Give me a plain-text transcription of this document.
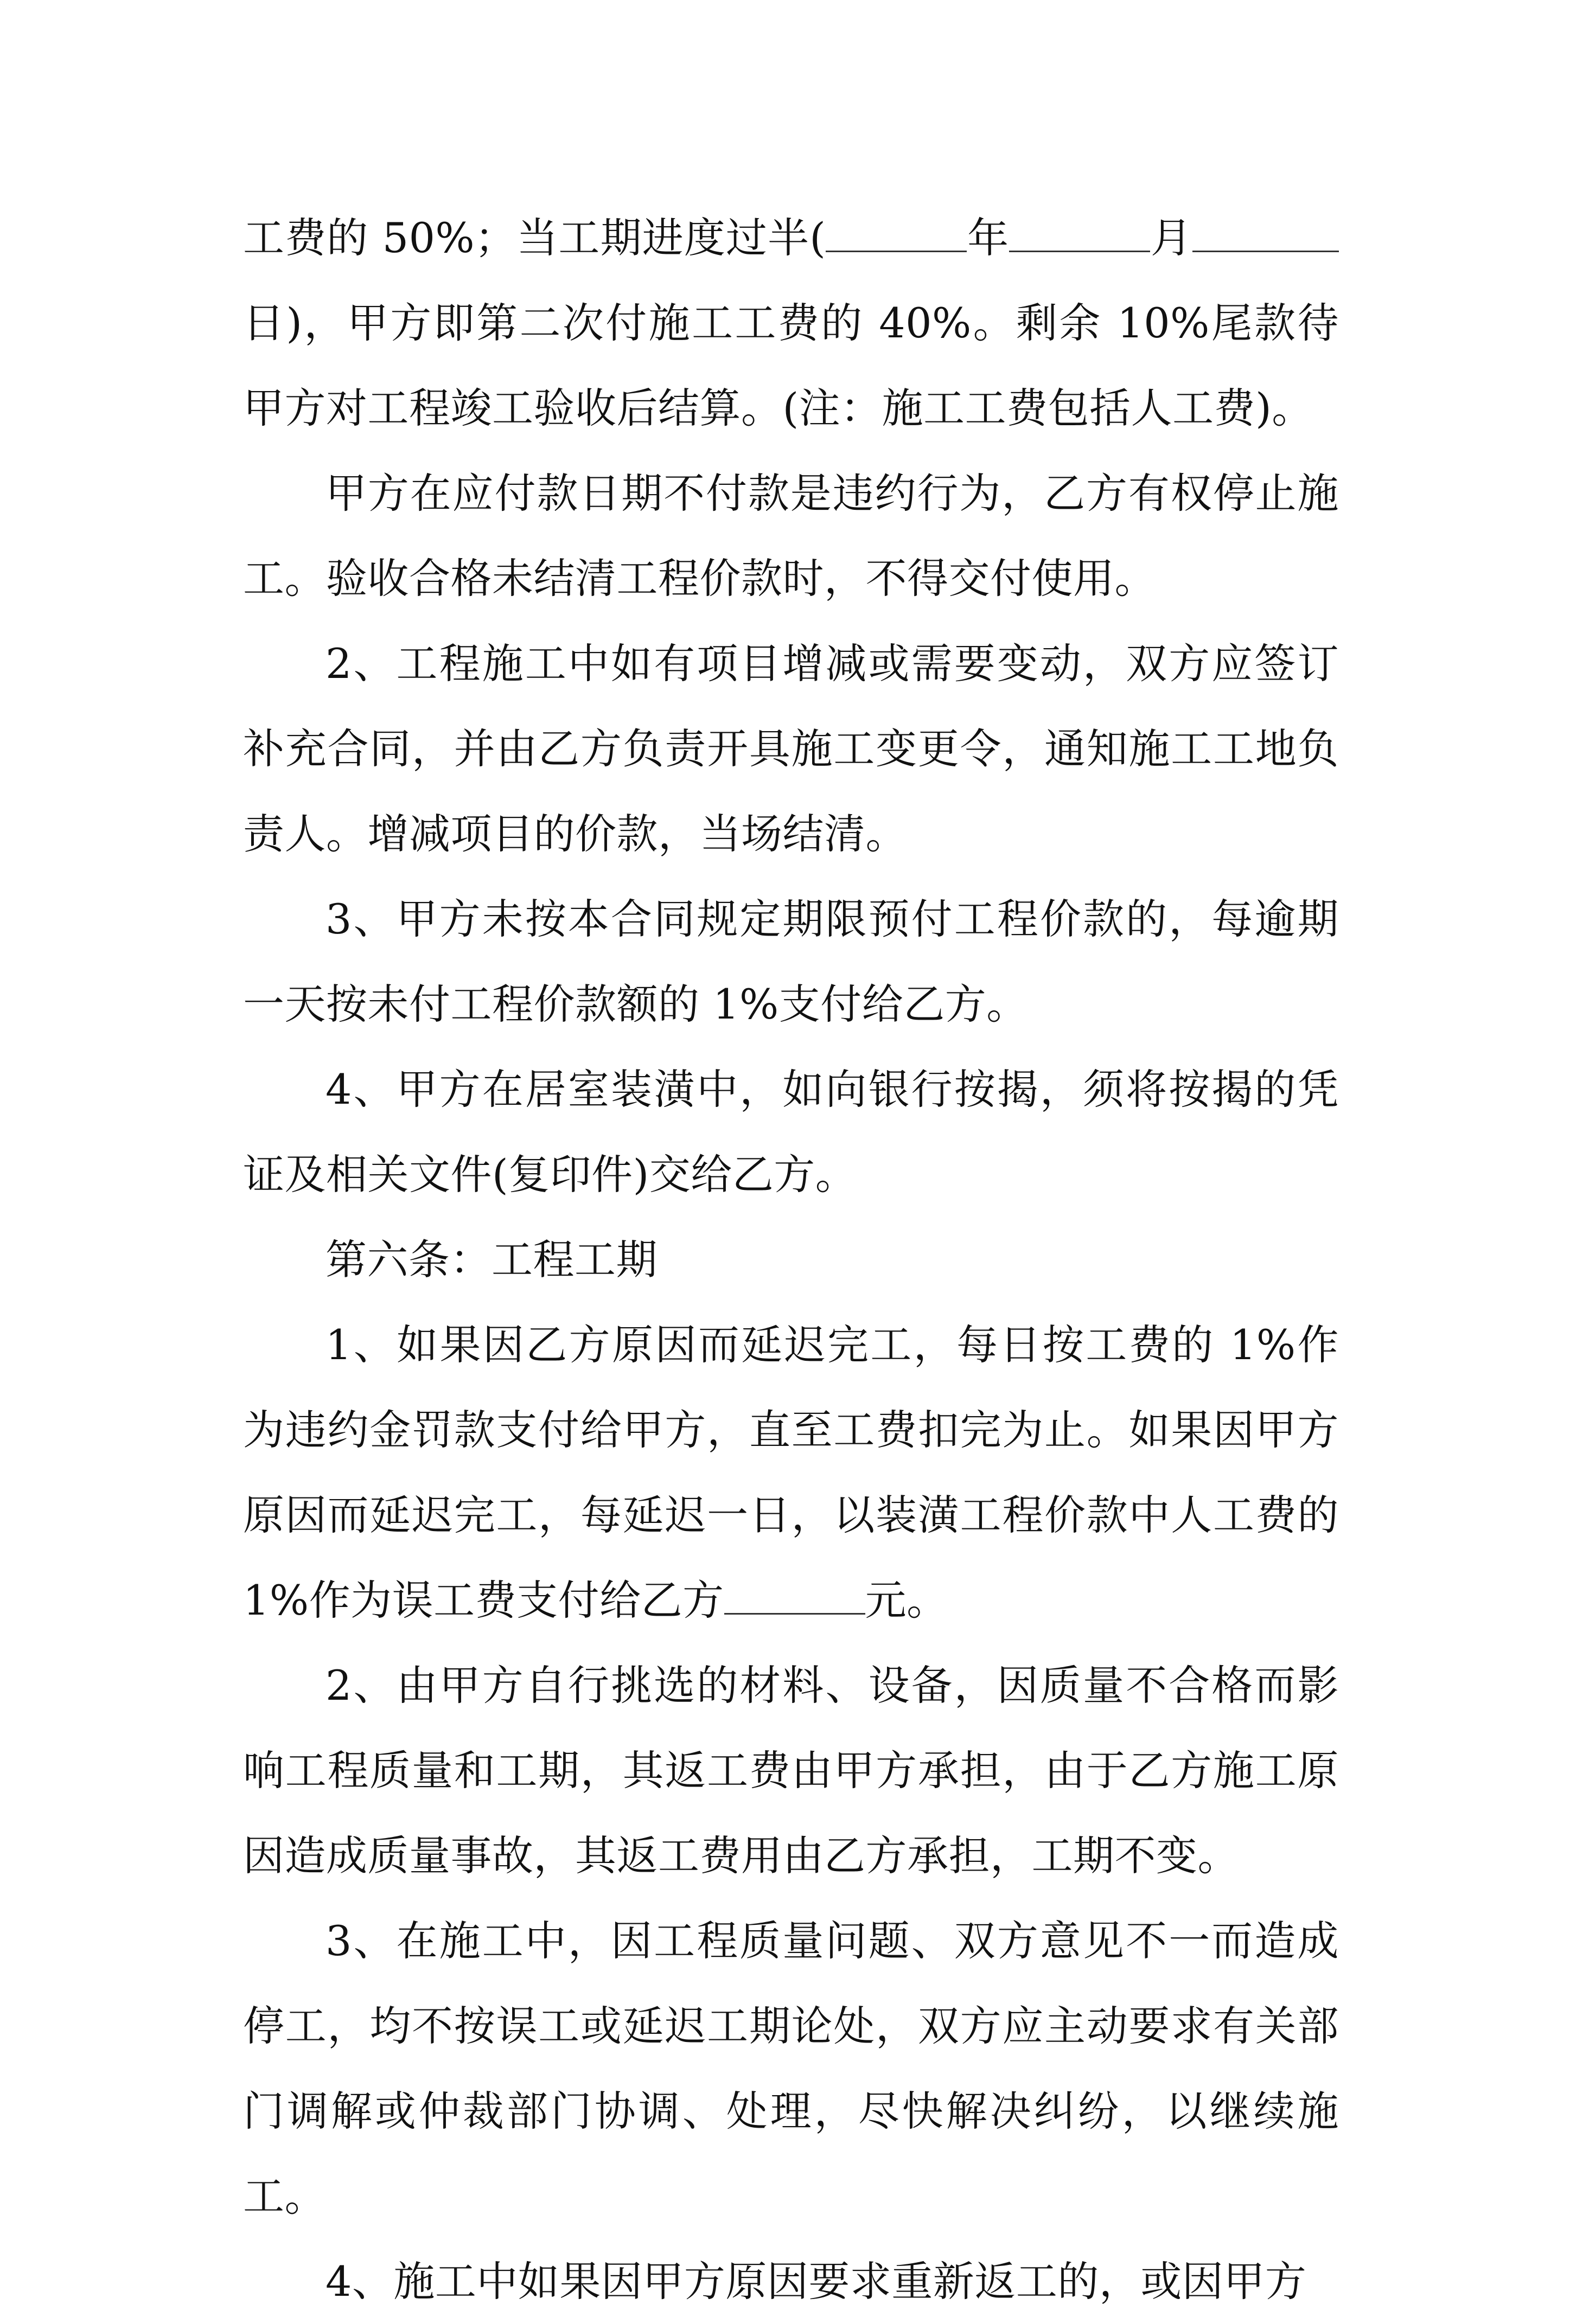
工费的 50%；当工期进度过半(	年	月日)，甲方即第二次付施工工费的 40%。剩余 10%尾款待甲方对工程竣工验收后结算。(注：施工工费包括人工费)。

甲方在应付款日期不付款是违约行为，乙方有权停止施工。验收合格未结清工程价款时，不得交付使用。

2、工程施工中如有项目增减或需要变动，双方应签订补充合同，并由乙方负责开具施工变更令，通知施工工地负责人。增减项目的价款，当场结清。

3、甲方未按本合同规定期限预付工程价款的，每逾期一天按未付工程价款额的 1%支付给乙方。

4、甲方在居室装潢中，如向银行按揭，须将按揭的凭证及相关文件(复印件)交给乙方。

第六条：工程工期

1、如果因乙方原因而延迟完工，每日按工费的 1%作为违约金罚款支付给甲方，直至工费扣完为止。如果因甲方原因而延迟完工，每延迟一日，以装潢工程价款中人工费的 1%作为误工费支付给乙方	元。

2、由甲方自行挑选的材料、设备，因质量不合格而影响工程质量和工期，其返工费由甲方承担，由于乙方施工原因造成质量事故，其返工费用由乙方承担，工期不变。

3、在施工中，因工程质量问题、双方意见不一而造成停工，均不按误工或延迟工期论处，双方应主动要求有关部门调解或仲裁部门协调、处理，尽快解决纠纷，以继续施工。

4、施工中如果因甲方原因要求重新返工的，或因甲方
